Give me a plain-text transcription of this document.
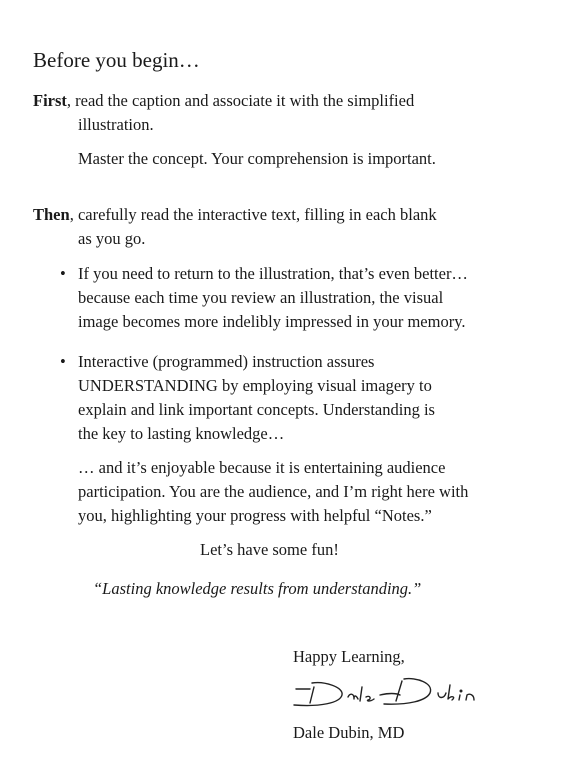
Before you begin…
First, read the caption and associate it with the simplified
illustration.
Master the concept. Your comprehension is important.
Then, carefully read the interactive text, filling in each blank
as you go.
• If you need to return to the illustration, that’s even better…
because each time you review an illustration, the visual
image becomes more indelibly impressed in your memory.
• Interactive (programmed) instruction assures
UNDERSTANDING by employing visual imagery to
explain and link important concepts. Understanding is
the key to lasting knowledge…
… and it’s enjoyable because it is entertaining audience
participation. You are the audience, and I’m right here with
you, highlighting your progress with helpful “Notes.”
Let’s have some fun!
“Lasting knowledge results from understanding.”
Happy Learning,
Dale Dubin, MD
